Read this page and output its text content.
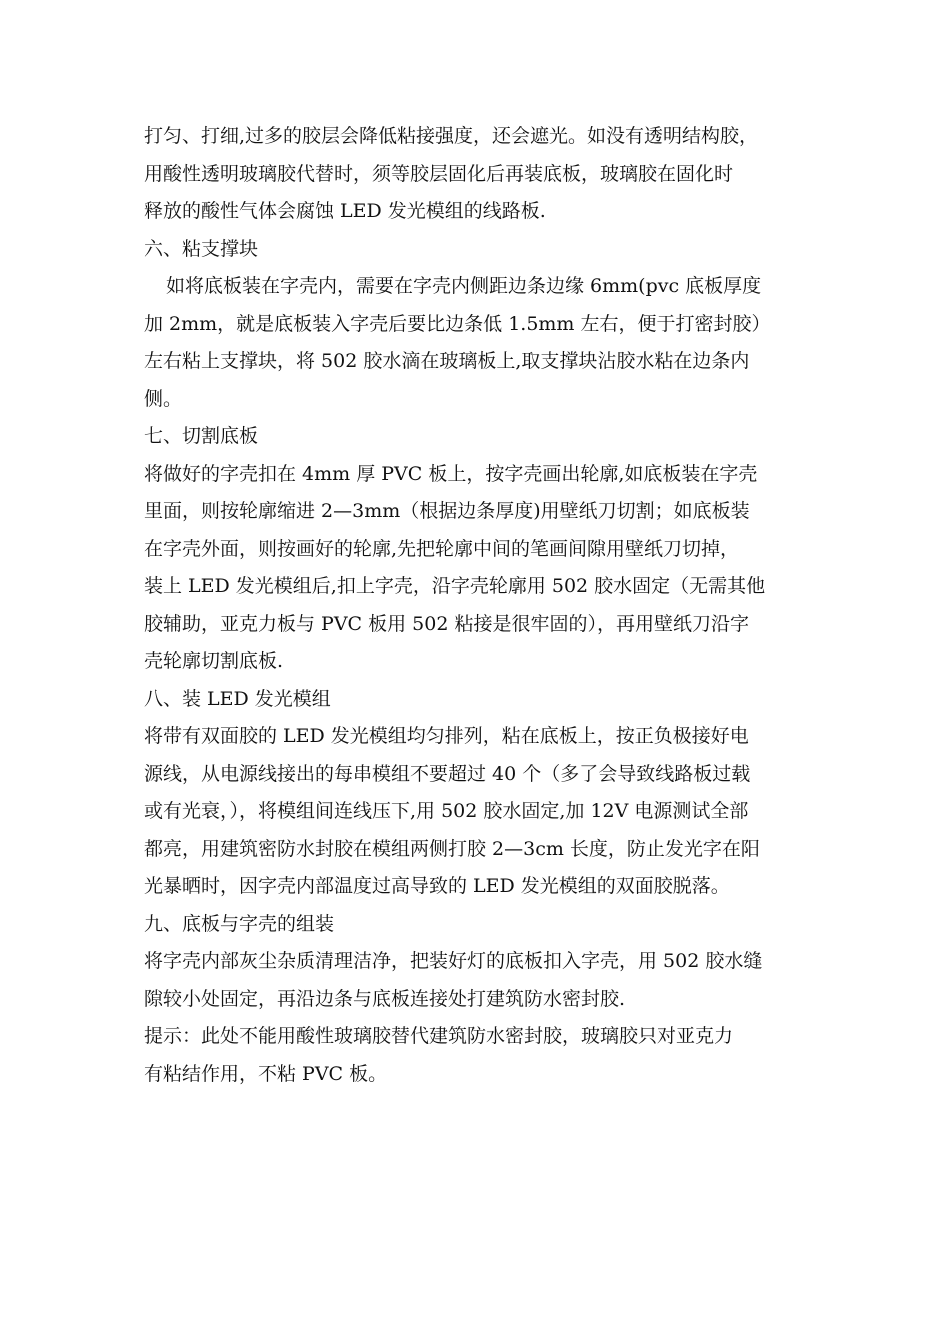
打匀、打细,过多的胶层会降低粘接强度，还会遮光。如没有透明结构胶，
用酸性透明玻璃胶代替时，须等胶层固化后再装底板，玻璃胶在固化时
释放的酸性气体会腐蚀 LED 发光模组的线路板.

六、粘支撑块

如将底板装在字壳内，需要在字壳内侧距边条边缘 6mm(pvc 底板厚度
加 2mm，就是底板装入字壳后要比边条低 1.5mm 左右，便于打密封胶）
左右粘上支撑块，将 502 胶水滴在玻璃板上,取支撑块沾胶水粘在边条内
侧。

七、切割底板

将做好的字壳扣在 4mm 厚 PVC 板上，按字壳画出轮廓,如底板装在字壳
里面，则按轮廓缩进 2—3mm（根据边条厚度)用壁纸刀切割；如底板装
在字壳外面，则按画好的轮廓,先把轮廓中间的笔画间隙用壁纸刀切掉，
装上 LED 发光模组后,扣上字壳，沿字壳轮廓用 502 胶水固定（无需其他
胶辅助，亚克力板与 PVC 板用 502 粘接是很牢固的），再用壁纸刀沿字
壳轮廓切割底板.

八、装 LED 发光模组

将带有双面胶的 LED 发光模组均匀排列，粘在底板上，按正负极接好电
源线，从电源线接出的每串模组不要超过 40 个（多了会导致线路板过载
或有光衰，），将模组间连线压下,用 502 胶水固定,加 12V 电源测试全部
都亮，用建筑密防水封胶在模组两侧打胶 2—3cm 长度，防止发光字在阳
光暴晒时，因字壳内部温度过高导致的 LED 发光模组的双面胶脱落。

九、底板与字壳的组装

将字壳内部灰尘杂质清理洁净，把装好灯的底板扣入字壳，用 502 胶水缝
隙较小处固定，再沿边条与底板连接处打建筑防水密封胶.

提示：此处不能用酸性玻璃胶替代建筑防水密封胶，玻璃胶只对亚克力
有粘结作用，不粘 PVC 板。
